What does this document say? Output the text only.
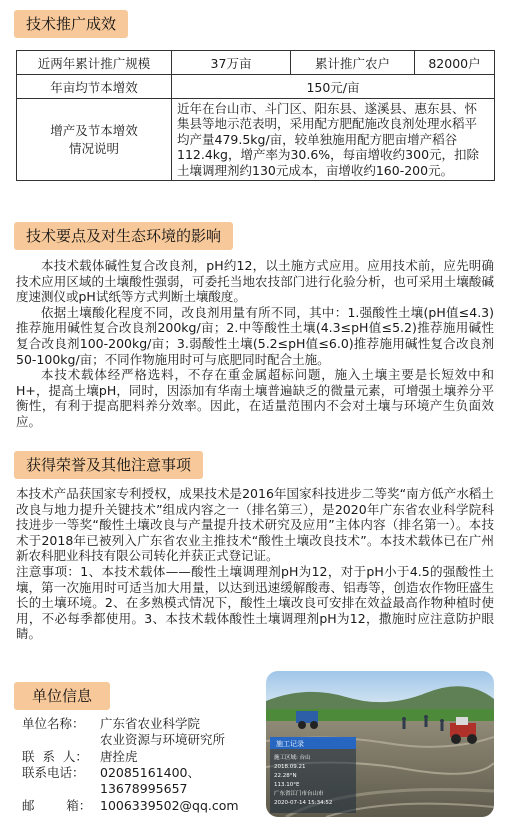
技术推广成效
近两年累计推广规模	37万亩	累计推广农户	82000户
年亩均节本增效	150元/亩		

增产及节本增效
情况说明	近年在台山市、斗门区、阳东县、遂溪县、惠东县、怀集县等地示范表明，采用配方肥配施改良剂处理水稻平均产量479.5kg/亩，较单独施用配方肥亩增产稻谷112.4kg，增产率为30.6%，每亩增收约300元，扣除土壤调理剂约130元成本，亩增收约160-200元。		
技术要点及对生态环境的影响

本技术载体碱性复合改良剂，pH约12，以土施方式应用。应用技术前，应先明确技术应用区域的土壤酸性强弱，可委托当地农技部门进行化验分析，也可采用土壤酸碱度速测仪或pH试纸等方式判断土壤酸度。

依据土壤酸化程度不同，改良剂用量有所不同，其中：1.强酸性土壤(pH值≤4.3)推荐施用碱性复合改良剂200kg/亩；2.中等酸性土壤(4.3≤pH值≤5.2)推荐施用碱性复合改良剂100-200kg/亩；3.弱酸性土壤(5.2≤pH值≤6.0)推荐施用碱性复合改良剂50-100kg/亩；不同作物施用时可与底肥同时配合土施。

本技术载体经严格选料，不存在重金属超标问题，施入土壤主要是长短效中和H+，提高土壤pH，同时，因添加有华南土壤普遍缺乏的微量元素，可增强土壤养分平衡性，有利于提高肥料养分效率。因此，在适量范围内不会对土壤与环境产生负面效应。

获得荣誉及其他注意事项

本技术产品获国家专利授权，成果技术是2016年国家科技进步二等奖“南方低产水稻土改良与地力提升关键技术”组成内容之一（排名第三），是2020年广东省农业科学院科技进步一等奖“酸性土壤改良与产量提升技术研究及应用”主体内容（排名第一）。本技术于2018年已被列入广东省农业主推技术“酸性土壤改良技术”。本技术载体已在广州新农科肥业科技有限公司转化并获正式登记证。

注意事项：1、本技术载体——酸性土壤调理剂pH为12，对于pH小于4.5的强酸性土壤，第一次施用时可适当加大用量，以达到迅速缓解酸毒、铝毒等，创造农作物旺盛生长的土壤环境。2、在多熟模式情况下，酸性土壤改良可安排在效益最高作物种植时使用，不必每季都使用。3、本技术载体酸性土壤调理剂pH为12，撒施时应注意防护眼睛。

单位信息
单位名称： 广东省农业科学院
农业资源与环境研究所
联  系  人： 唐拴虎
联系电话： 02085161400、
13678995657
邮        箱： 1006339502@qq.com
施工记录
施工区域: 台山
2018.09.21
22.28°N
113.10°E
广东省江门市台山市
2020-07-14 15:34:52
